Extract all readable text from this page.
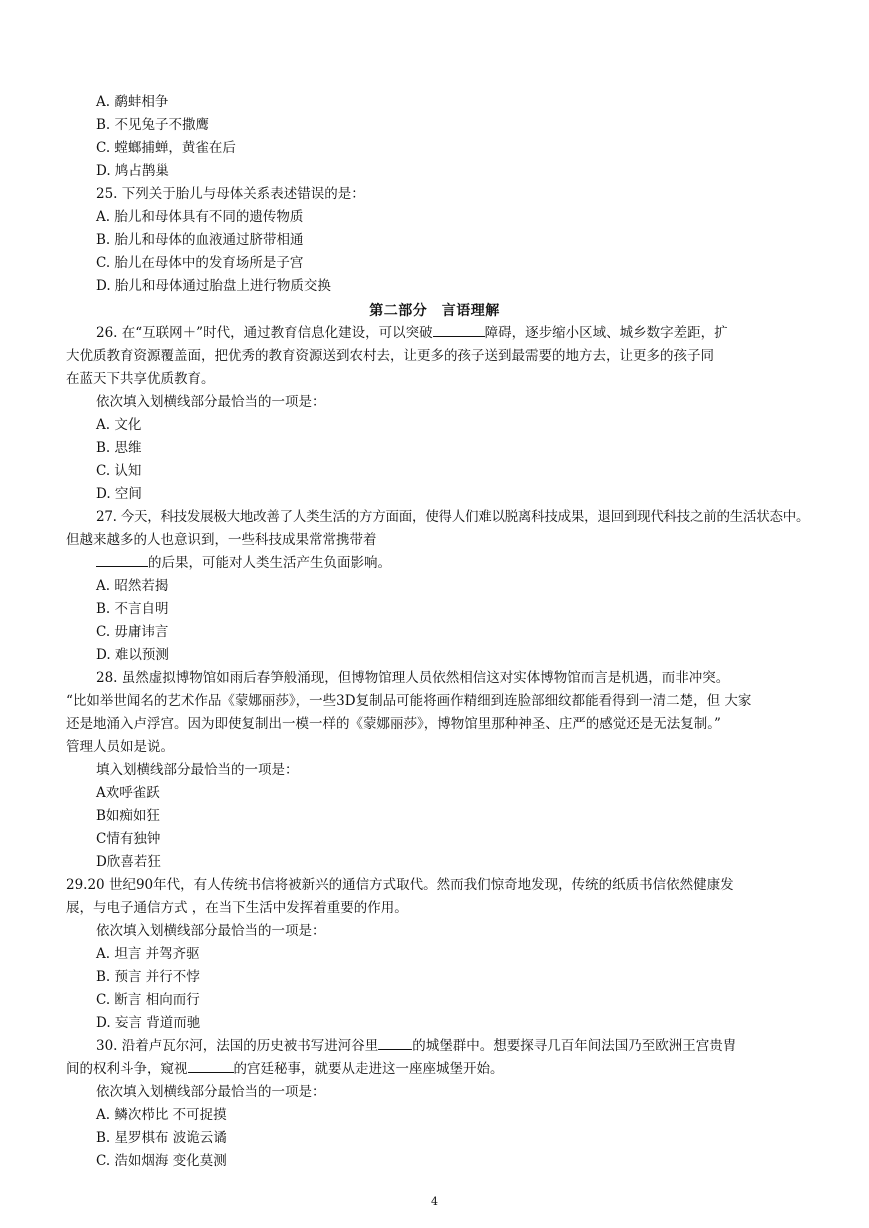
A. 鹬蚌相争
B. 不见兔子不撒鹰
C. 螳螂捕蝉，黄雀在后
D. 鸠占鹊巢
25. 下列关于胎儿与母体关系表述错误的是：
A. 胎儿和母体具有不同的遗传物质
B. 胎儿和母体的血液通过脐带相通
C. 胎儿在母体中的发育场所是子宫
D. 胎儿和母体通过胎盘上进行物质交换
第二部分　言语理解
26. 在“互联网＋”时代，通过教育信息化建设，可以突破	障碍，逐步缩小区域、城乡数字差距，扩
大优质教育资源覆盖面，把优秀的教育资源送到农村去，让更多的孩子送到最需要的地方去，让更多的孩子同
在蓝天下共享优质教育。
依次填入划横线部分最恰当的一项是：
A. 文化
B. 思维
C. 认知
D. 空间
27. 今天，科技发展极大地改善了人类生活的方方面面，使得人们难以脱离科技成果，退回到现代科技之前的生活状态中。
但越来越多的人也意识到，一些科技成果常常携带着
的后果，可能对人类生活产生负面影响。
A. 昭然若揭
B. 不言自明
C. 毋庸讳言
D. 难以预测
28. 虽然虚拟博物馆如雨后春笋般涌现，但博物馆理人员依然相信这对实体博物馆而言是机遇，而非冲突。
“比如举世闻名的艺术作品《蒙娜丽莎》，一些3D复制品可能将画作精细到连脸部细纹都能看得到一清二楚，但 大家
还是地涌入卢浮宫。因为即使复制出一模一样的《蒙娜丽莎》，博物馆里那种神圣、庄严的感觉还是无法复制。”
管理人员如是说。
填入划横线部分最恰当的一项是：
A欢呼雀跃
B如痴如狂
C情有独钟
D欣喜若狂
29.20 世纪90年代，有人传统书信将被新兴的通信方式取代。然而我们惊奇地发现，传统的纸质书信依然健康发
展，与电子通信方式 ，在当下生活中发挥着重要的作用。
依次填入划横线部分最恰当的一项是：
A. 坦言 并驾齐驱
B. 预言 并行不悖
C. 断言 相向而行
D. 妄言 背道而驰
30. 沿着卢瓦尔河，法国的历史被书写进河谷里	的城堡群中。想要探寻几百年间法国乃至欧洲王宫贵胄
间的权利斗争，窥视	的宫廷秘事，就要从走进这一座座城堡开始。
依次填入划横线部分最恰当的一项是：
A. 鳞次栉比 不可捉摸
B. 星罗棋布 波诡云谲
C. 浩如烟海 变化莫测
4
